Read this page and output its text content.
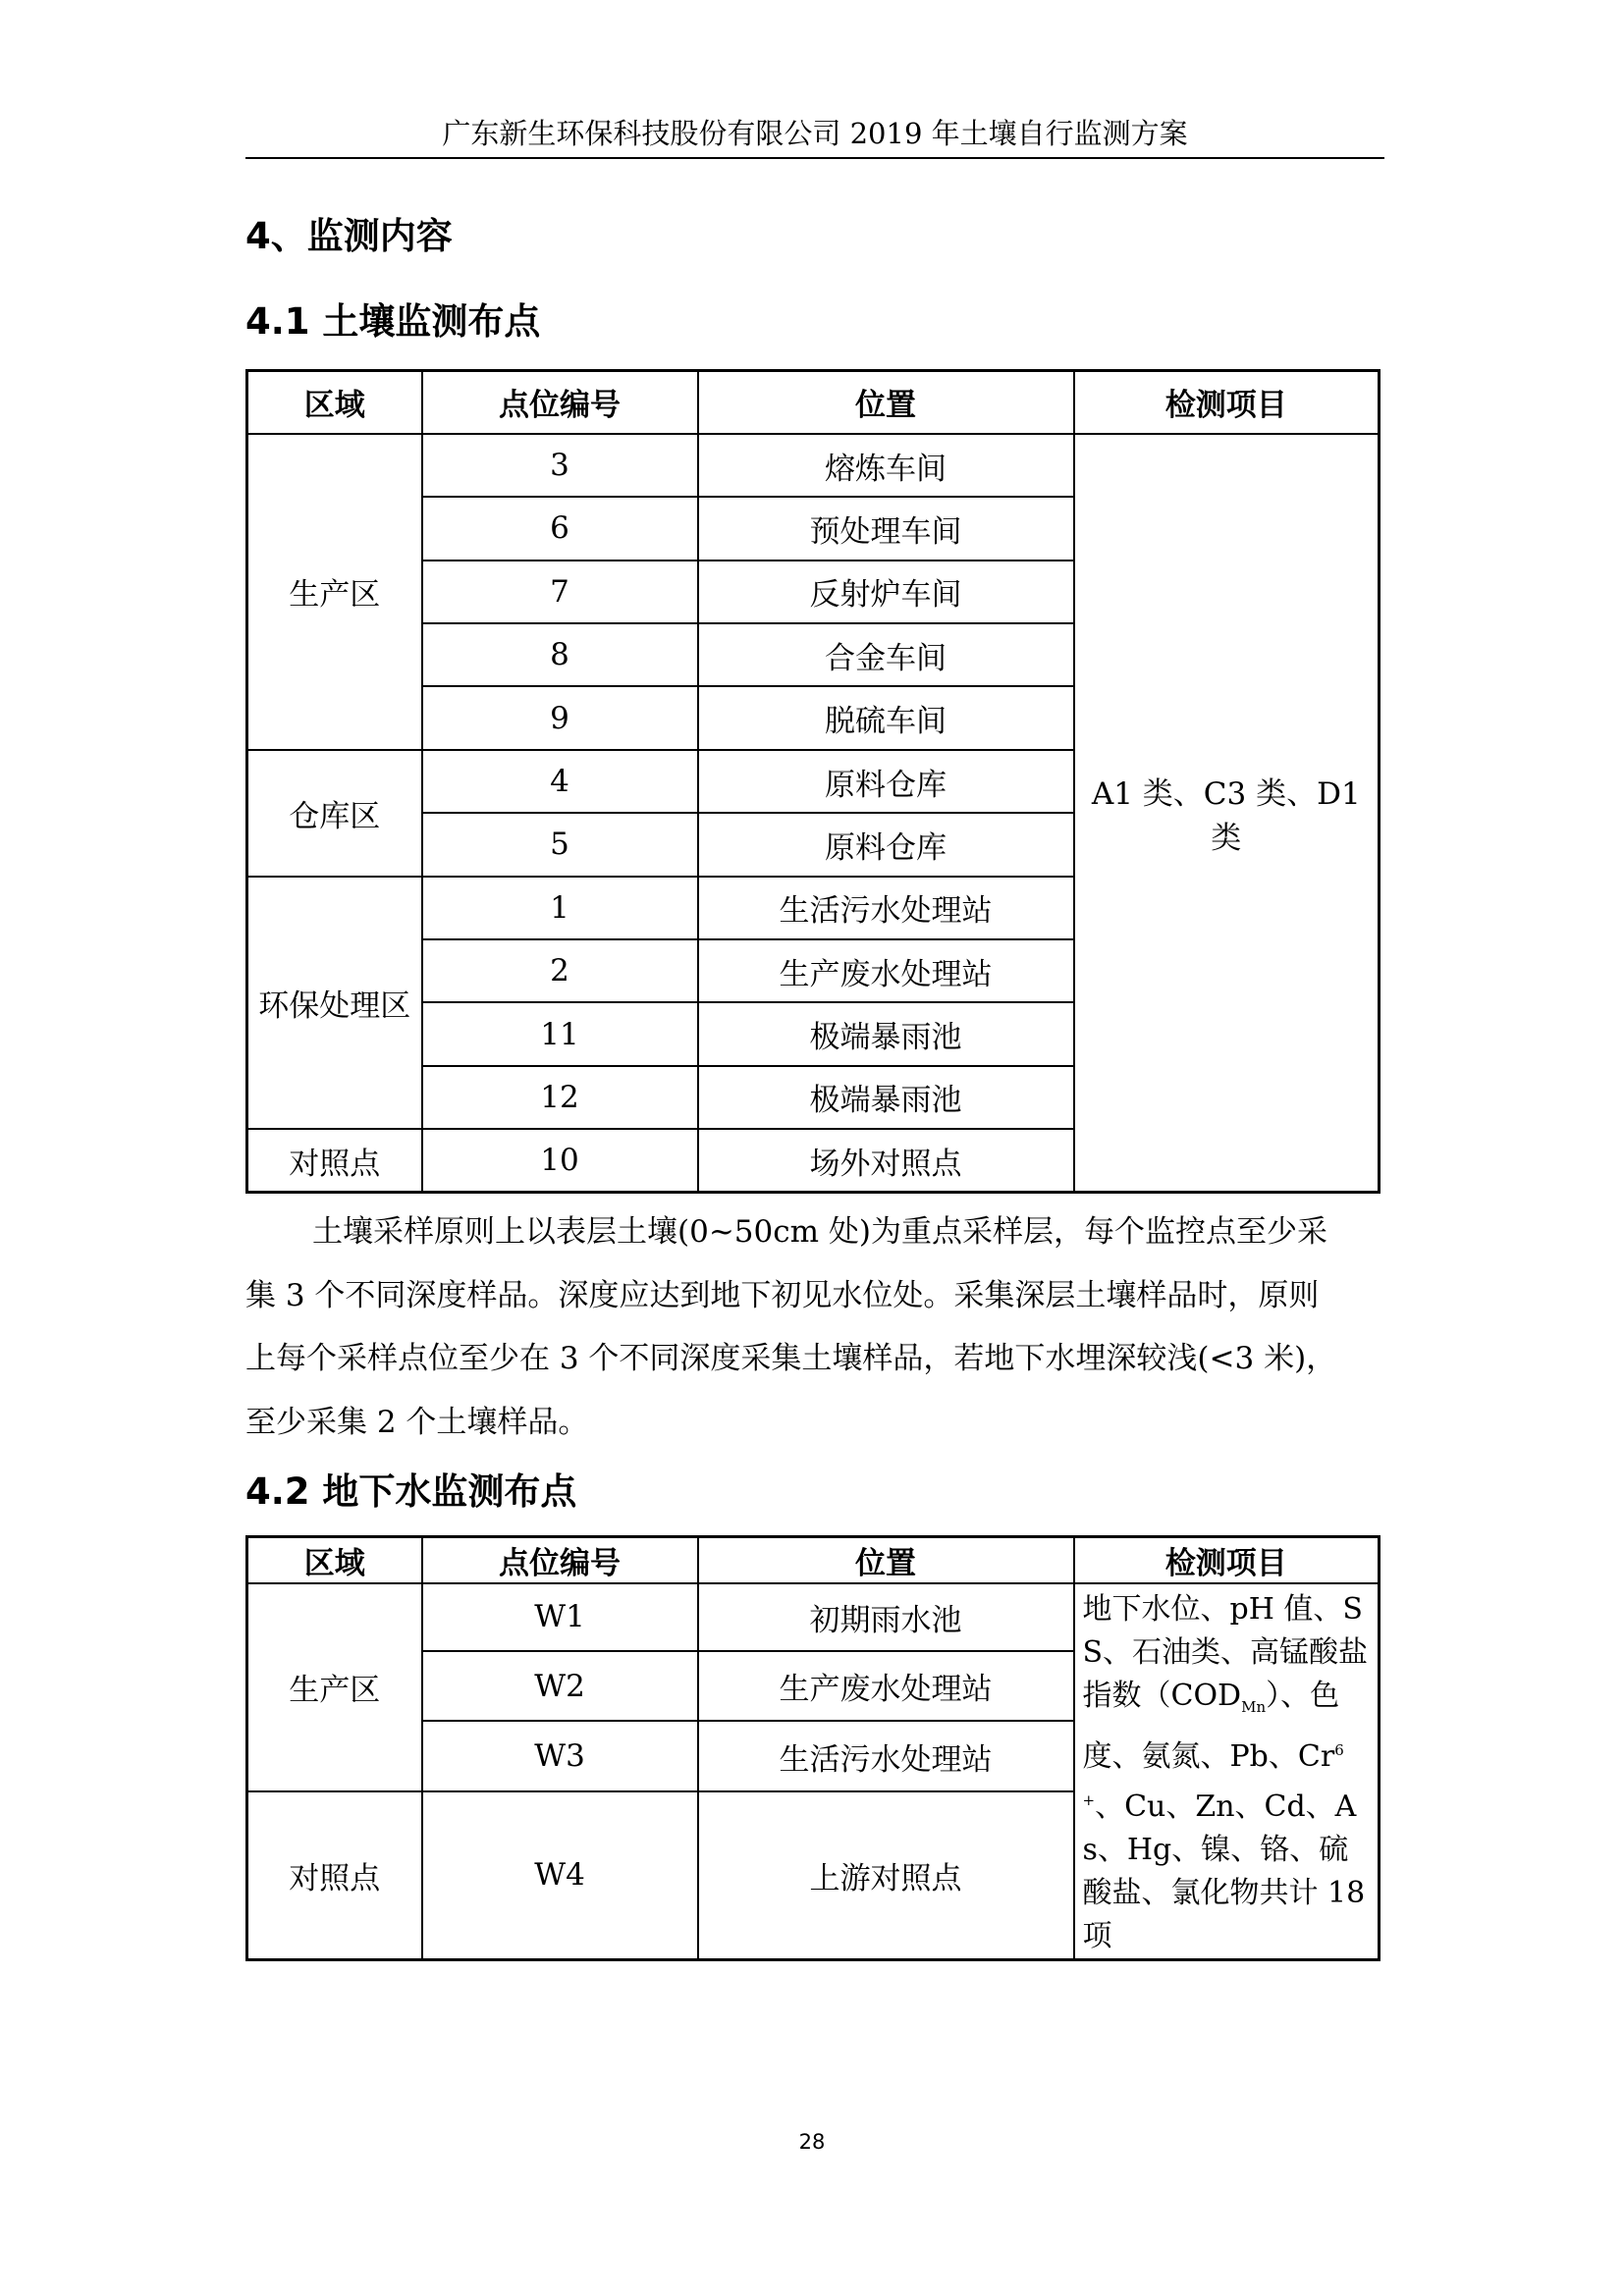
广东新生环保科技股份有限公司 2019 年土壤自行监测方案
4、监测内容
4.1 土壤监测布点
区域	点位编号	位置	检测项目
生产区	3	熔炼车间	A1 类、C3 类、D1 类
	6	预处理车间	
	7	反射炉车间	
	8	合金车间	
	9	脱硫车间	
仓库区	4	原料仓库	
	5	原料仓库	
环保处理区	1	生活污水处理站	
	2	生产废水处理站	
	11	极端暴雨池	
	12	极端暴雨池	
对照点	10	场外对照点	
土壤采样原则上以表层土壤(0~50cm 处)为重点采样层，每个监控点至少采
集 3 个不同深度样品。深度应达到地下初见水位处。采集深层土壤样品时，原则
上每个采样点位至少在 3 个不同深度采集土壤样品，若地下水埋深较浅(<3 米)，
至少采集 2 个土壤样品。
4.2 地下水监测布点
区域	点位编号	位置	检测项目
生产区	W1	初期雨水池	地下水位、pH 值、SS、石油类、高锰酸盐指数$(COD_{Mn})$、色度、氨氮、Pb、$Cr^{6+}$、Cu、Zn、Cd、As、Hg、镍、铬、硫酸盐、氯化物共计 18 项
	W2	生产废水处理站	
	W3	生活污水处理站	
对照点	W4	上游对照点	
28
